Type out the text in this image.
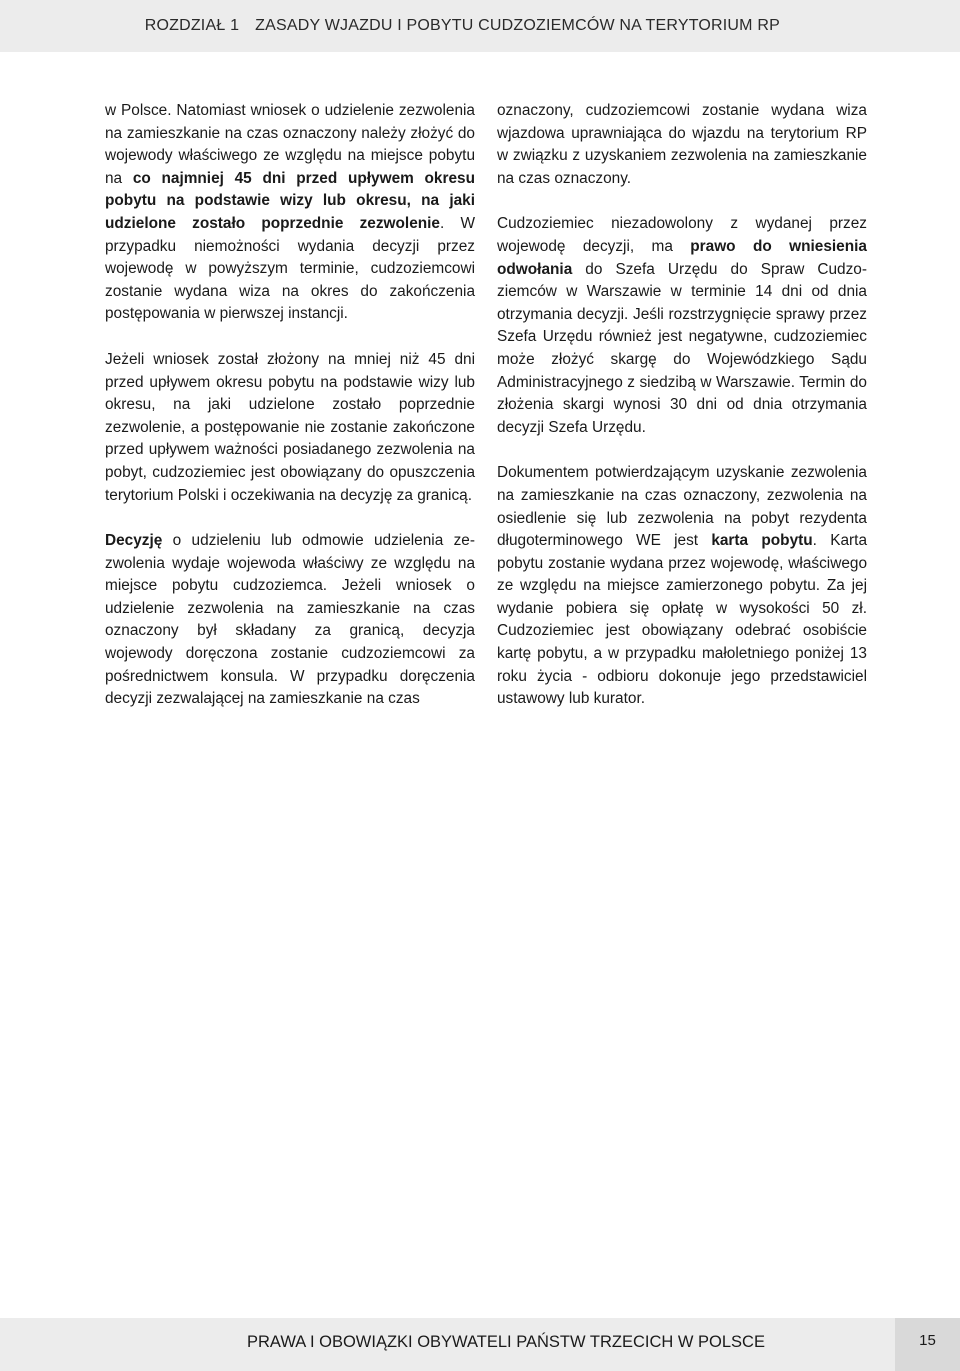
ROZDZIAŁ 1 ZASADY WJAZDU I POBYTU CUDZOZIEMCÓW NA TERYTORIUM RP

w Polsce. Natomiast wniosek o udzielenie zezwolenia na zamieszkanie na czas oznaczony należy złożyć do wojewody właściwego ze względu na miejsce pobytu na co najmniej 45 dni przed upływem okresu pobytu na podstawie wizy lub okresu, na jaki udzielone zostało poprzednie zezwolenie. W przypadku niemożności wydania decyzji przez wojewodę w powyższym terminie, cudzoziemcowi zostanie wydana wiza na okres do zakończenia postępowania w pierwszej instancji.

Jeżeli wniosek został złożony na mniej niż 45 dni przed upływem okresu pobytu na podstawie wizy lub okresu, na jaki udzielone zostało poprzednie zezwolenie, a postępowanie nie zostanie zakończone przed upływem ważności posiadanego zezwolenia na pobyt, cudzoziemiec jest obowiązany do opuszczenia terytorium Polski i oczekiwania na decyzję za granicą.

Decyzję o udzieleniu lub odmowie udzielenia zezwolenia wydaje wojewoda właściwy ze względu na miejsce pobytu cudzoziemca. Jeżeli wniosek o udzielenie zezwolenia na zamieszkanie na czas oznaczony był składany za granicą, decyzja wojewody doręczona zostanie cudzoziemcowi za pośrednictwem konsula. W przypadku doręczenia decyzji zezwalającej na zamieszkanie na czas

oznaczony, cudzoziemcowi zostanie wydana wiza wjazdowa uprawniająca do wjazdu na terytorium RP w związku z uzyskaniem zezwolenia na zamieszkanie na czas oznaczony.

Cudzoziemiec niezadowolony z wydanej przez wojewodę decyzji, ma prawo do wniesienia odwołania do Szefa Urzędu do Spraw Cudzoziemców w Warszawie w terminie 14 dni od dnia otrzymania decyzji. Jeśli rozstrzygnięcie sprawy przez Szefa Urzędu również jest negatywne, cudzoziemiec może złożyć skargę do Wojewódzkiego Sądu Administracyjnego z siedzibą w Warszawie. Termin do złożenia skargi wynosi 30 dni od dnia otrzymania decyzji Szefa Urzędu.

Dokumentem potwierdzającym uzyskanie zezwolenia na zamieszkanie na czas oznaczony, zezwolenia na osiedlenie się lub zezwolenia na pobyt rezydenta długoterminowego WE jest karta pobytu. Karta pobytu zostanie wydana przez wojewodę, właściwego ze względu na miejsce zamierzonego pobytu. Za jej wydanie pobiera się opłatę w wysokości 50 zł. Cudzoziemiec jest obowiązany odebrać osobiście kartę pobytu, a w przypadku małoletniego poniżej 13 roku życia - odbioru dokonuje jego przedstawiciel ustawowy lub kurator.

PRAWA I OBOWIĄZKI OBYWATELI PAŃSTW TRZECICH W POLSCE	15
